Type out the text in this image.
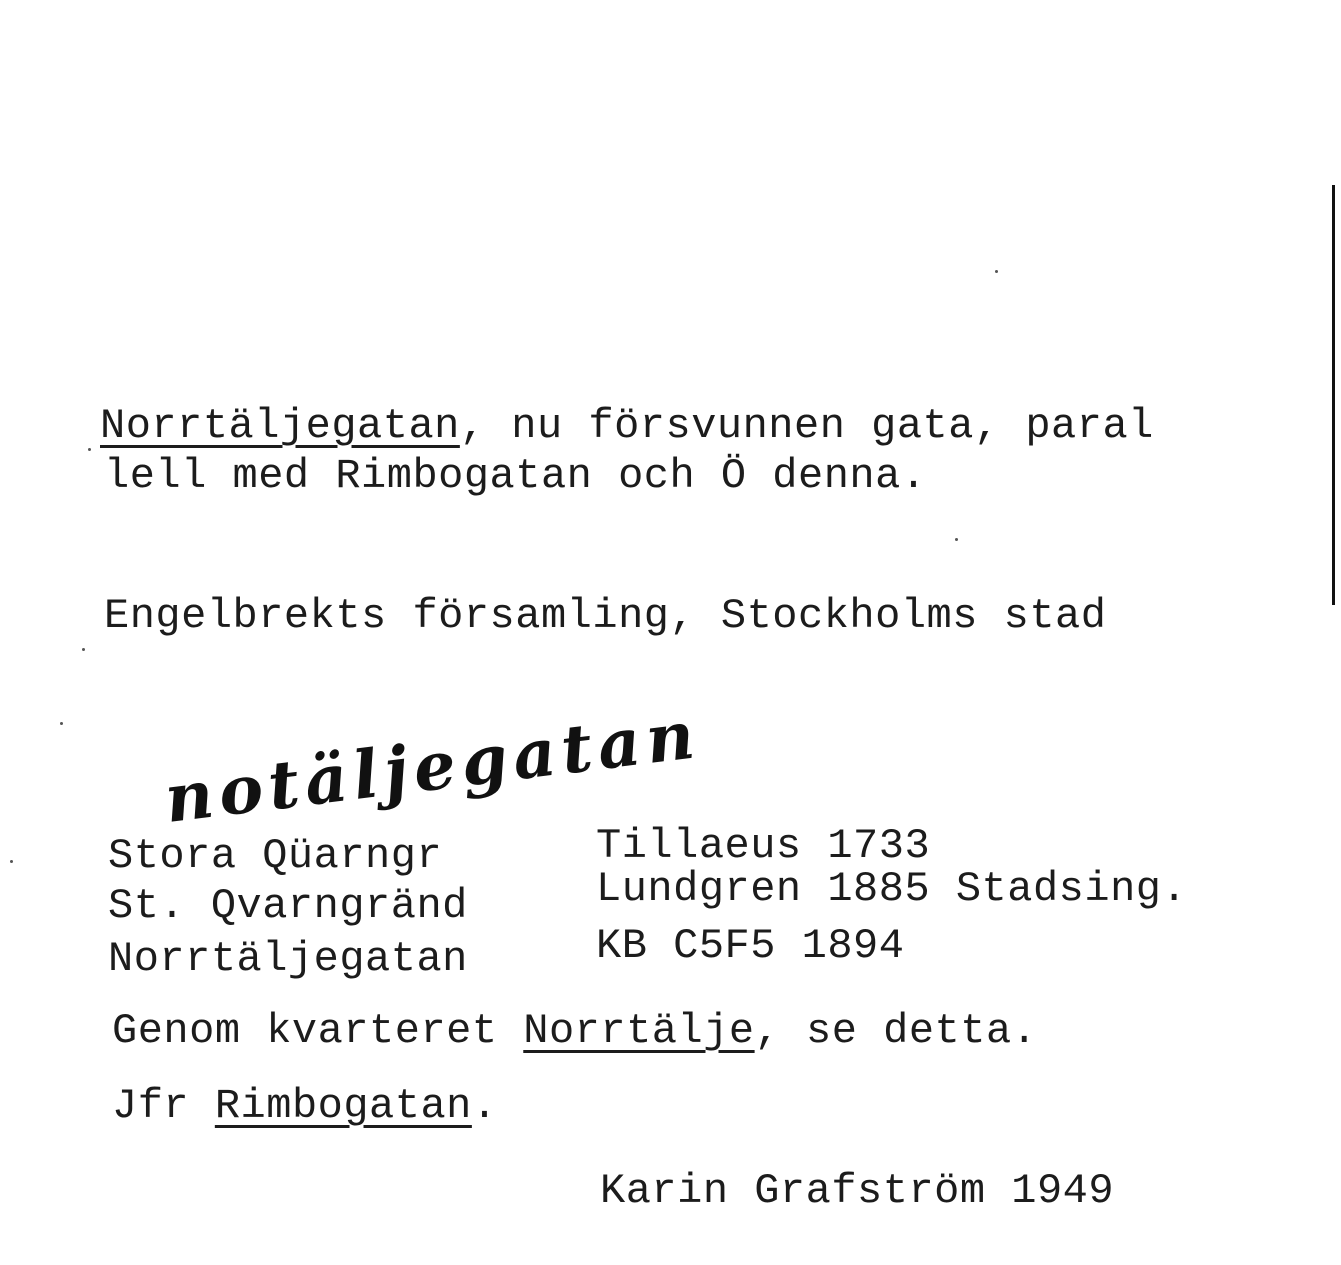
Norrtäljegatan, nu försvunnen gata, paral
lell med Rimbogatan och Ö denna.
Engelbrekts församling, Stockholms stad
notäljegatan
Stora Qüarngr	Tillaeus 1733
St. Qvarngränd	Lundgren 1885 Stadsing.
Norrtäljegatan	KB C5F5 1894
Genom kvarteret Norrtälje, se detta.
Jfr Rimbogatan.
Karin Grafström 1949
